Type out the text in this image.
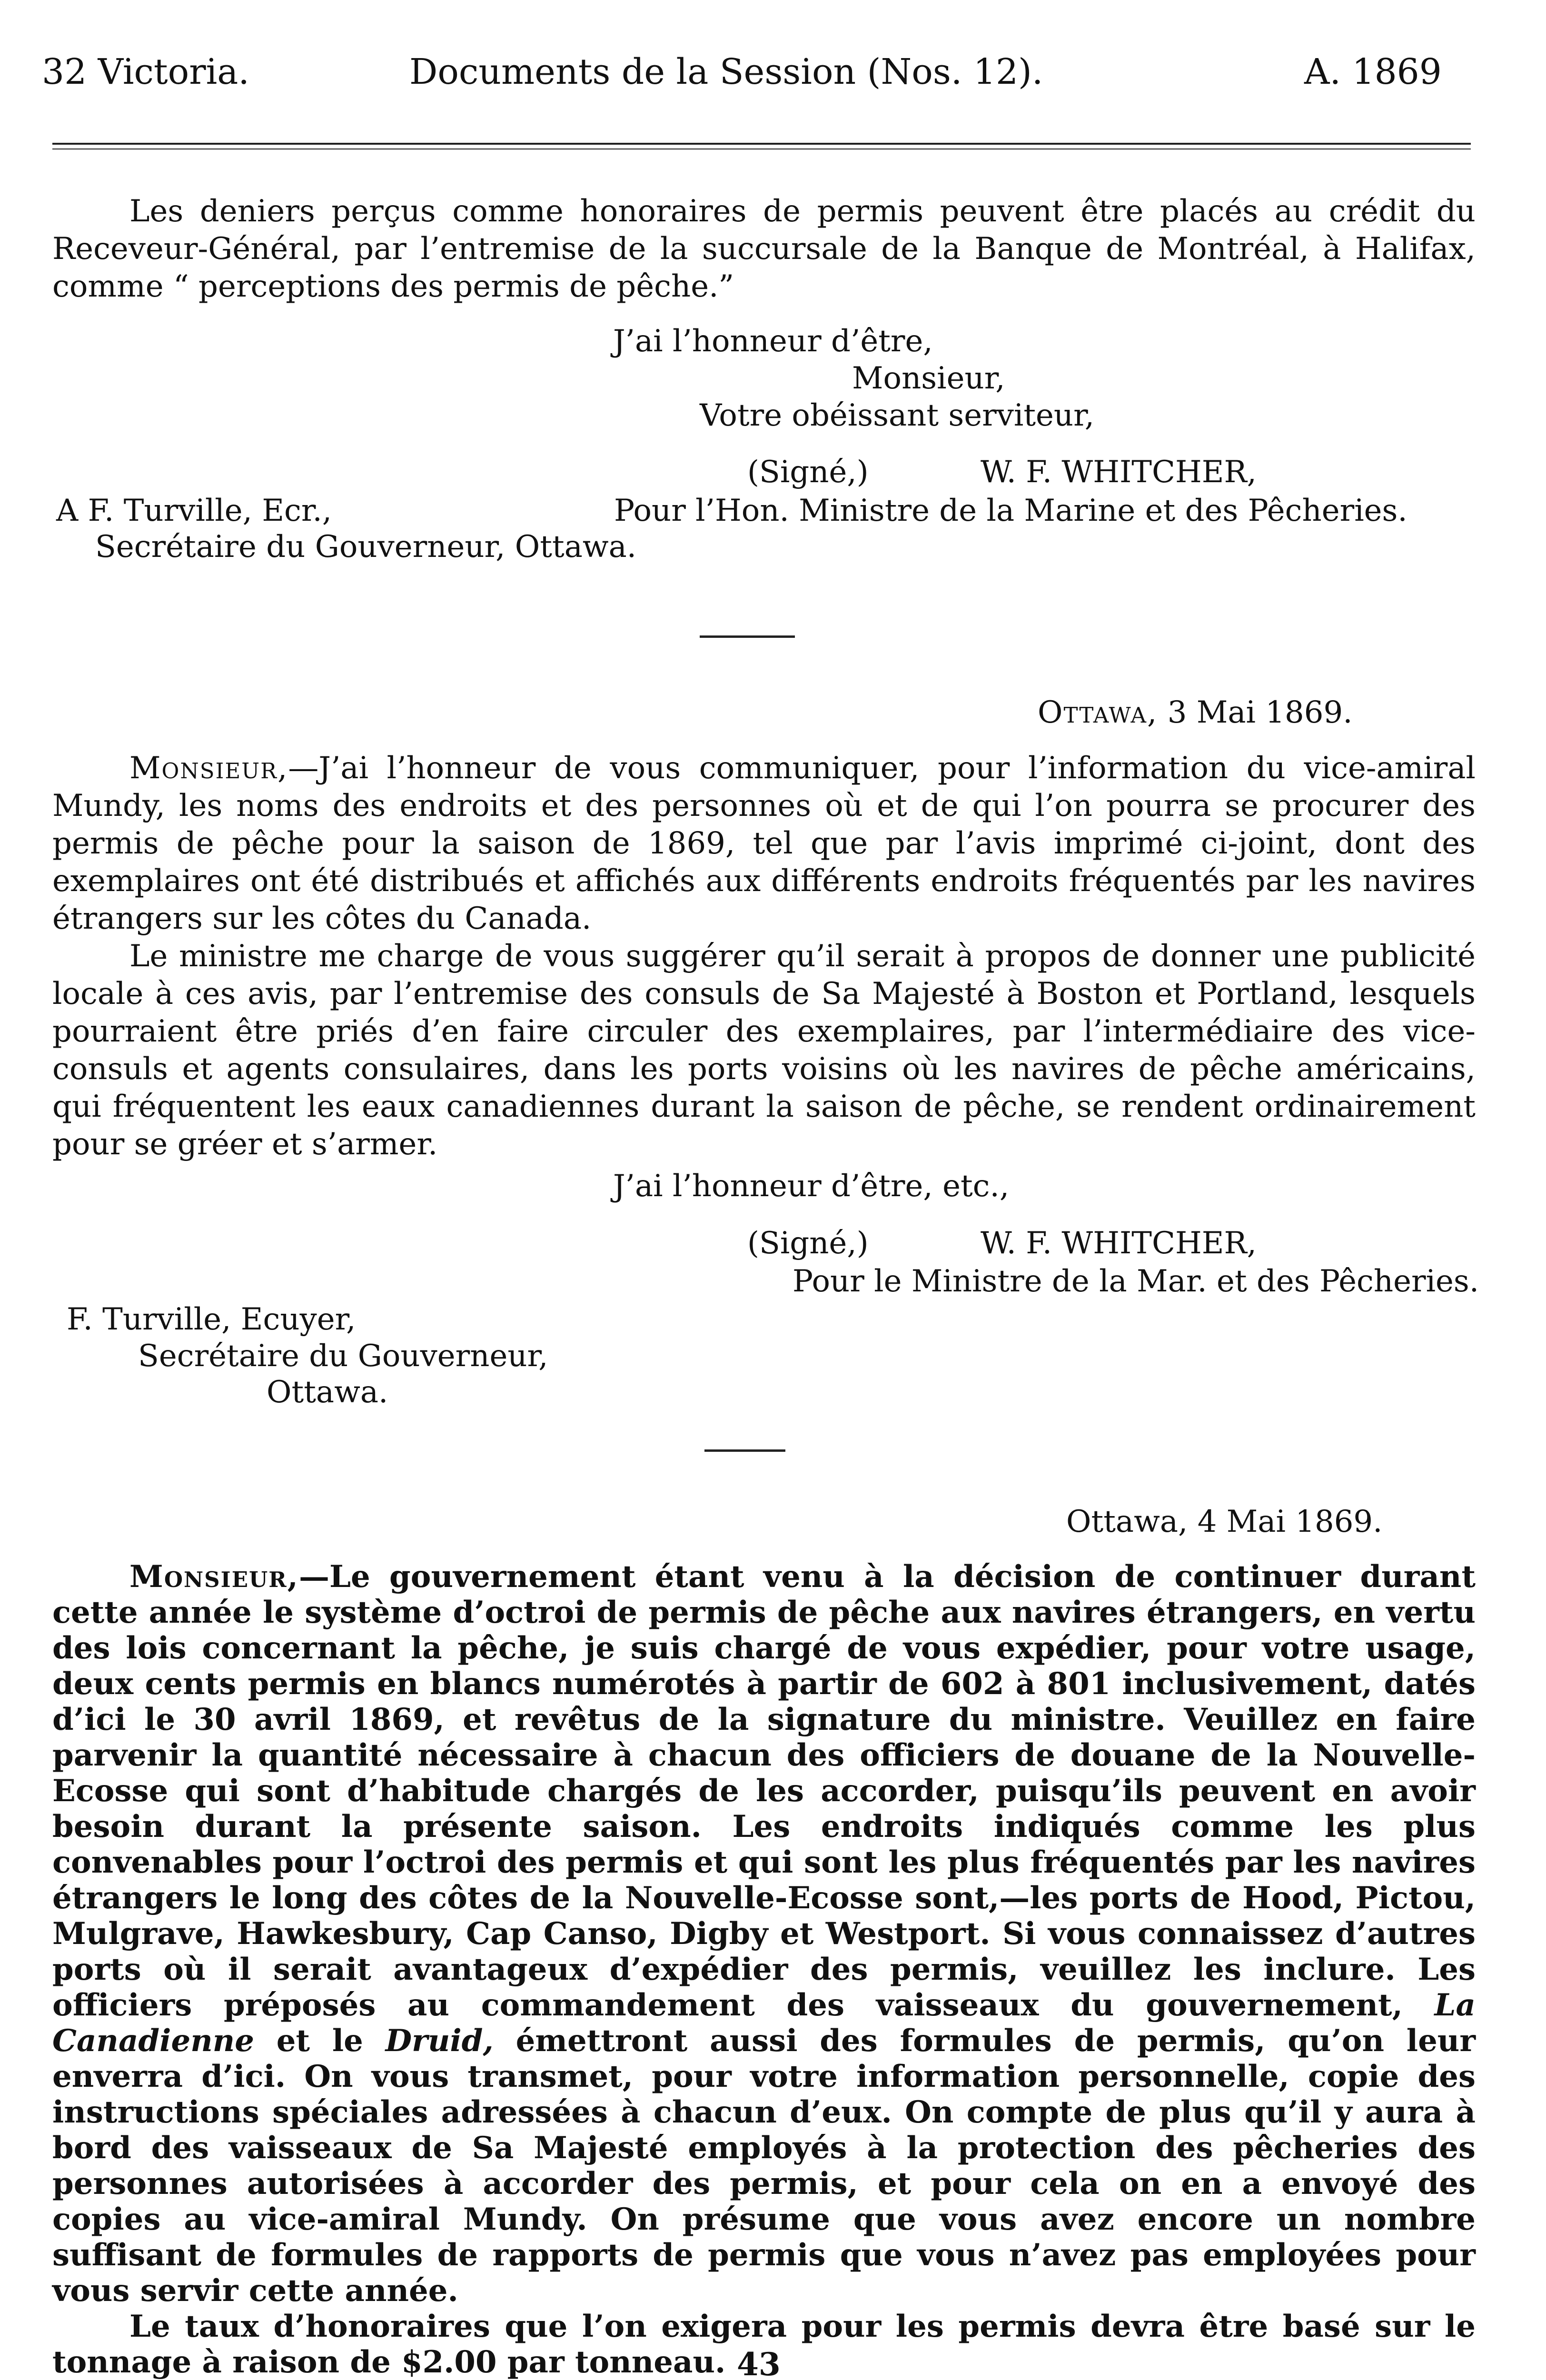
32 Victoria.	Documents de la Session (Nos. 12).	A. 1869

Les deniers perçus comme honoraires de permis peuvent être placés au crédit du Receveur-Général, par l’entremise de la succursale de la Banque de Montréal, à Halifax, comme “ perceptions des permis de pêche.”

J’ai l’honneur d’être,
Monsieur,
Votre obéissant serviteur,
(Signé,)	W. F. WHITCHER,
Pour l’Hon. Ministre de la Marine et des Pêcheries.
A F. Turville, Ecr.,
Secrétaire du Gouverneur, Ottawa.
Ottawa, 3 Mai 1869.

Monsieur,—J’ai l’honneur de vous communiquer, pour l’information du vice-amiral Mundy, les noms des endroits et des personnes où et de qui l’on pourra se procurer des permis de pêche pour la saison de 1869, tel que par l’avis imprimé ci-joint, dont des exemplaires ont été distribués et affichés aux différents endroits fréquentés par les navires étrangers sur les côtes du Canada.

Le ministre me charge de vous suggérer qu’il serait à propos de donner une publicité locale à ces avis, par l’entremise des consuls de Sa Majesté à Boston et Portland, lesquels pourraient être priés d’en faire circuler des exemplaires, par l’intermédiaire des vice-consuls et agents consulaires, dans les ports voisins où les navires de pêche américains, qui fréquentent les eaux canadiennes durant la saison de pêche, se rendent ordinairement pour se gréer et s’armer.

J’ai l’honneur d’être, etc.,
(Signé,)	W. F. WHITCHER,
Pour le Ministre de la Mar. et des Pêcheries.
F. Turville, Ecuyer,
Secrétaire du Gouverneur,
Ottawa.
Ottawa, 4 Mai 1869.

Monsieur,—Le gouvernement étant venu à la décision de continuer durant cette année le système d’octroi de permis de pêche aux navires étrangers, en vertu des lois concernant la pêche, je suis chargé de vous expédier, pour votre usage, deux cents permis en blancs numérotés à partir de 602 à 801 inclusivement, datés d’ici le 30 avril 1869, et revêtus de la signature du ministre. Veuillez en faire parvenir la quantité nécessaire à chacun des officiers de douane de la Nouvelle-Ecosse qui sont d’habitude chargés de les accorder, puisqu’ils peuvent en avoir besoin durant la présente saison. Les endroits indiqués comme les plus convenables pour l’octroi des permis et qui sont les plus fréquentés par les navires étrangers le long des côtes de la Nouvelle-Ecosse sont,—les ports de Hood, Pictou, Mulgrave, Hawkesbury, Cap Canso, Digby et Westport. Si vous connaissez d’autres ports où il serait avantageux d’expédier des permis, veuillez les inclure. Les officiers préposés au commandement des vaisseaux du gouvernement, La Canadienne et le Druid, émettront aussi des formules de permis, qu’on leur enverra d’ici. On vous transmet, pour votre information personnelle, copie des instructions spéciales adressées à chacun d’eux. On compte de plus qu’il y aura à bord des vaisseaux de Sa Majesté employés à la protection des pêcheries des personnes autorisées à accorder des permis, et pour cela on en a envoyé des copies au vice-amiral Mundy. On présume que vous avez encore un nombre suffisant de formules de rapports de permis que vous n’avez pas employées pour vous servir cette année.

Le taux d’honoraires que l’on exigera pour les permis devra être basé sur le tonnage à raison de $2.00 par tonneau. 43
